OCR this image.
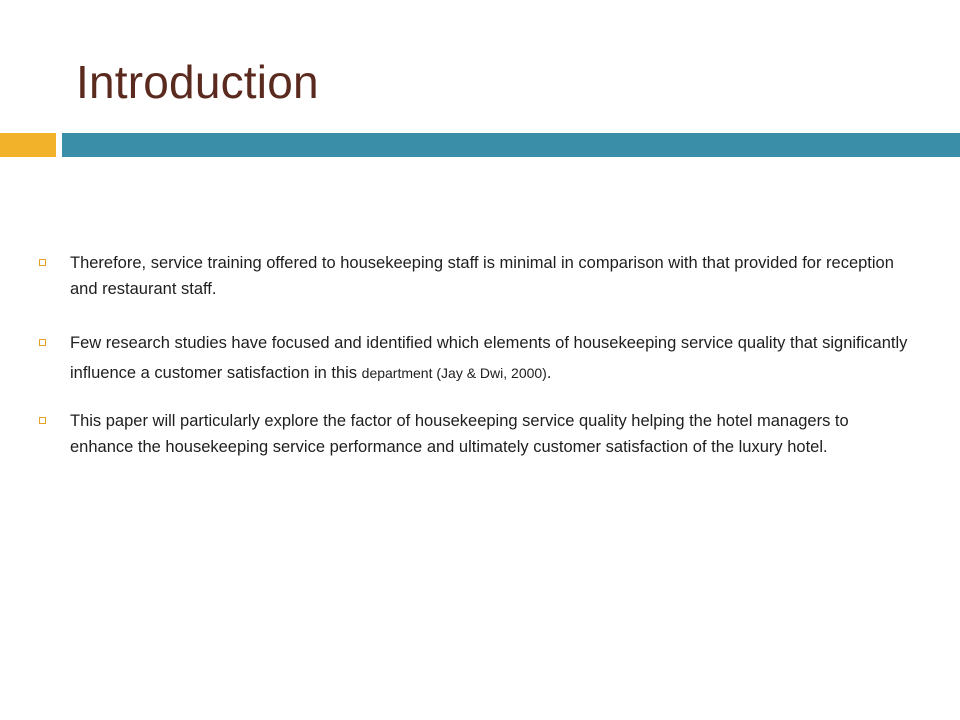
Introduction
Therefore, service training offered to housekeeping staff is minimal in comparison with that provided for reception and restaurant staff.
Few research studies have focused and identified which elements of housekeeping service quality that significantly influence a customer satisfaction in this department (Jay & Dwi, 2000).
This paper will particularly explore the factor of housekeeping service quality helping the hotel managers to enhance the housekeeping service performance and ultimately customer satisfaction of the luxury hotel.
